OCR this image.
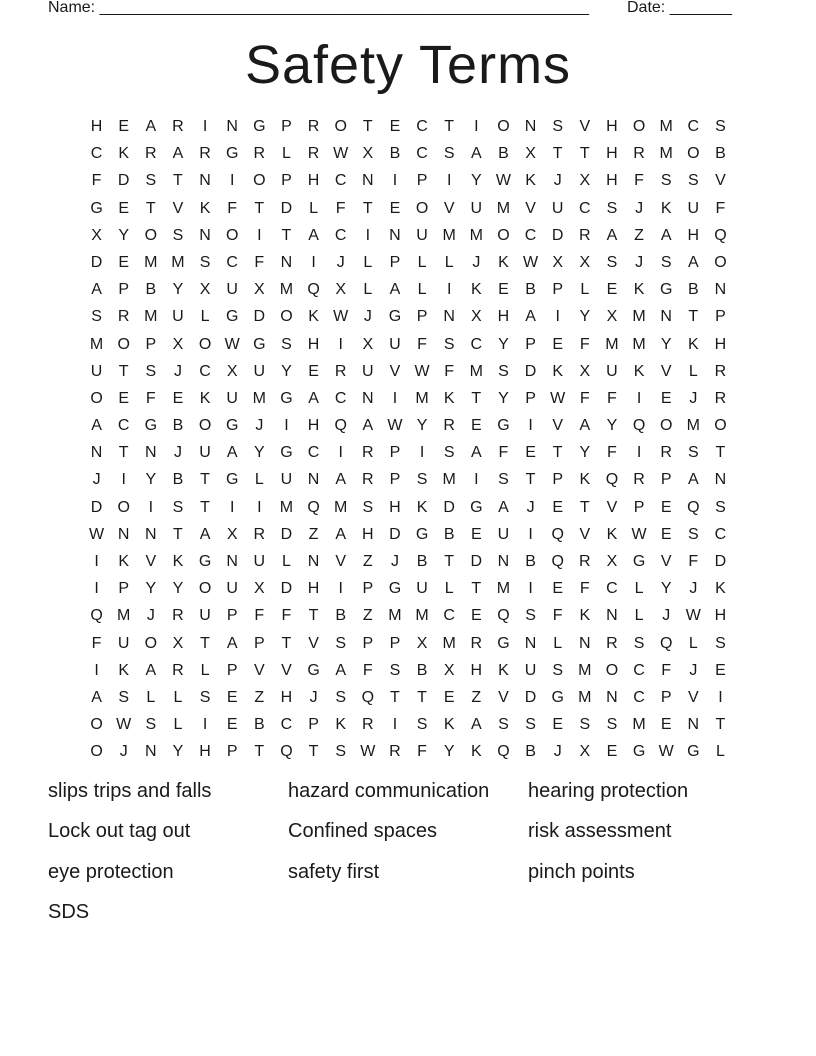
Name: _______________________________________________________ Date: _______
Safety Terms
H	E	A	R	I	N G P	R O	T	E	C	T	I	O N	S	V	H O M C	S
C	K	R	A	R G R	L	R W X	B	C	S	A	B	X	T	T	H R M O B
F	D	S	T	N	I	O P	H C N	I	P	I	Y W K	J	X	H	F	S	S	V
G E	T	V	K	F	T	D	L	F	T	E O V	U M V	U C	S	J	K	U	F
X	Y O S	N O	I	T	A	C	I	N U M M O C D R	A	Z	A	H Q
D	E M M S	C	F	N	I	J	L	P	L	L	J	K W X	X	S	J	S	A O
A	P	B	Y	X	U	X M Q X	L	A	L	I	K	E	B	P	L	E	K G B	N
S	R M U	L	G D O K W J	G P	N	X	H	A	I	Y	X M N	T	P
M O P	X O W G S	H	I	X	U	F	S	C	Y	P	E	F M M Y	K	H
U	T	S	J	C	X	U	Y	E	R U	V W F M S	D	K	X	U	K	V	L	R
O E	F	E	K	U M G A	C N	I	M K	T	Y	P W F	F	I	E	J	R
A	C G B O G	J	I	H Q A W Y	R	E G	I	V	A	Y Q O M O
N	T	N	J	U	A	Y G C	I	R	P	I	S	A	F	E	T	Y	F	I	R	S	T
J	I	Y	B	T	G	L	U N	A	R	P	S M	I	S	T	P	K Q R	P	A	N
D O	I	S	T	I	I	M Q M S	H	K	D G A	J	E	T	V	P	E Q S
W N N	T	A	X	R D	Z	A	H D G B	E	U	I	Q V	K W E	S	C
I	K	V	K G N U	L	N	V	Z	J	B	T	D N	B Q R	X G V	F	D
I	P	Y	Y O U	X	D H	I	P G U	L	T M	I	E	F	C	L	Y	J	K
Q M	J	R U	P	F	F	T	B	Z M M C	E Q S	F	K	N	L	J W H
F	U O X	T	A	P	T	V	S	P	P	X M R G N	L	N R	S Q	L	S
I	K	A	R	L	P	V	V G A	F	S	B	X	H	K	U	S M O C	F	J	E
A	S	L	L	S	E	Z	H	J	S Q	T	T	E	Z	V	D G M N C	P	V	I
O W S	L	I	E	B	C	P	K	R	I	S	K	A	S	S	E	S	S M E	N	T
O	J	N	Y	H	P	T	Q	T	S W R	F	Y	K Q B	J	X	E G W G	L
slips trips and falls	hazard communication	hearing protection
Lock out tag out	Confined spaces	risk assessment
eye protection	safety first	pinch points
SDS
